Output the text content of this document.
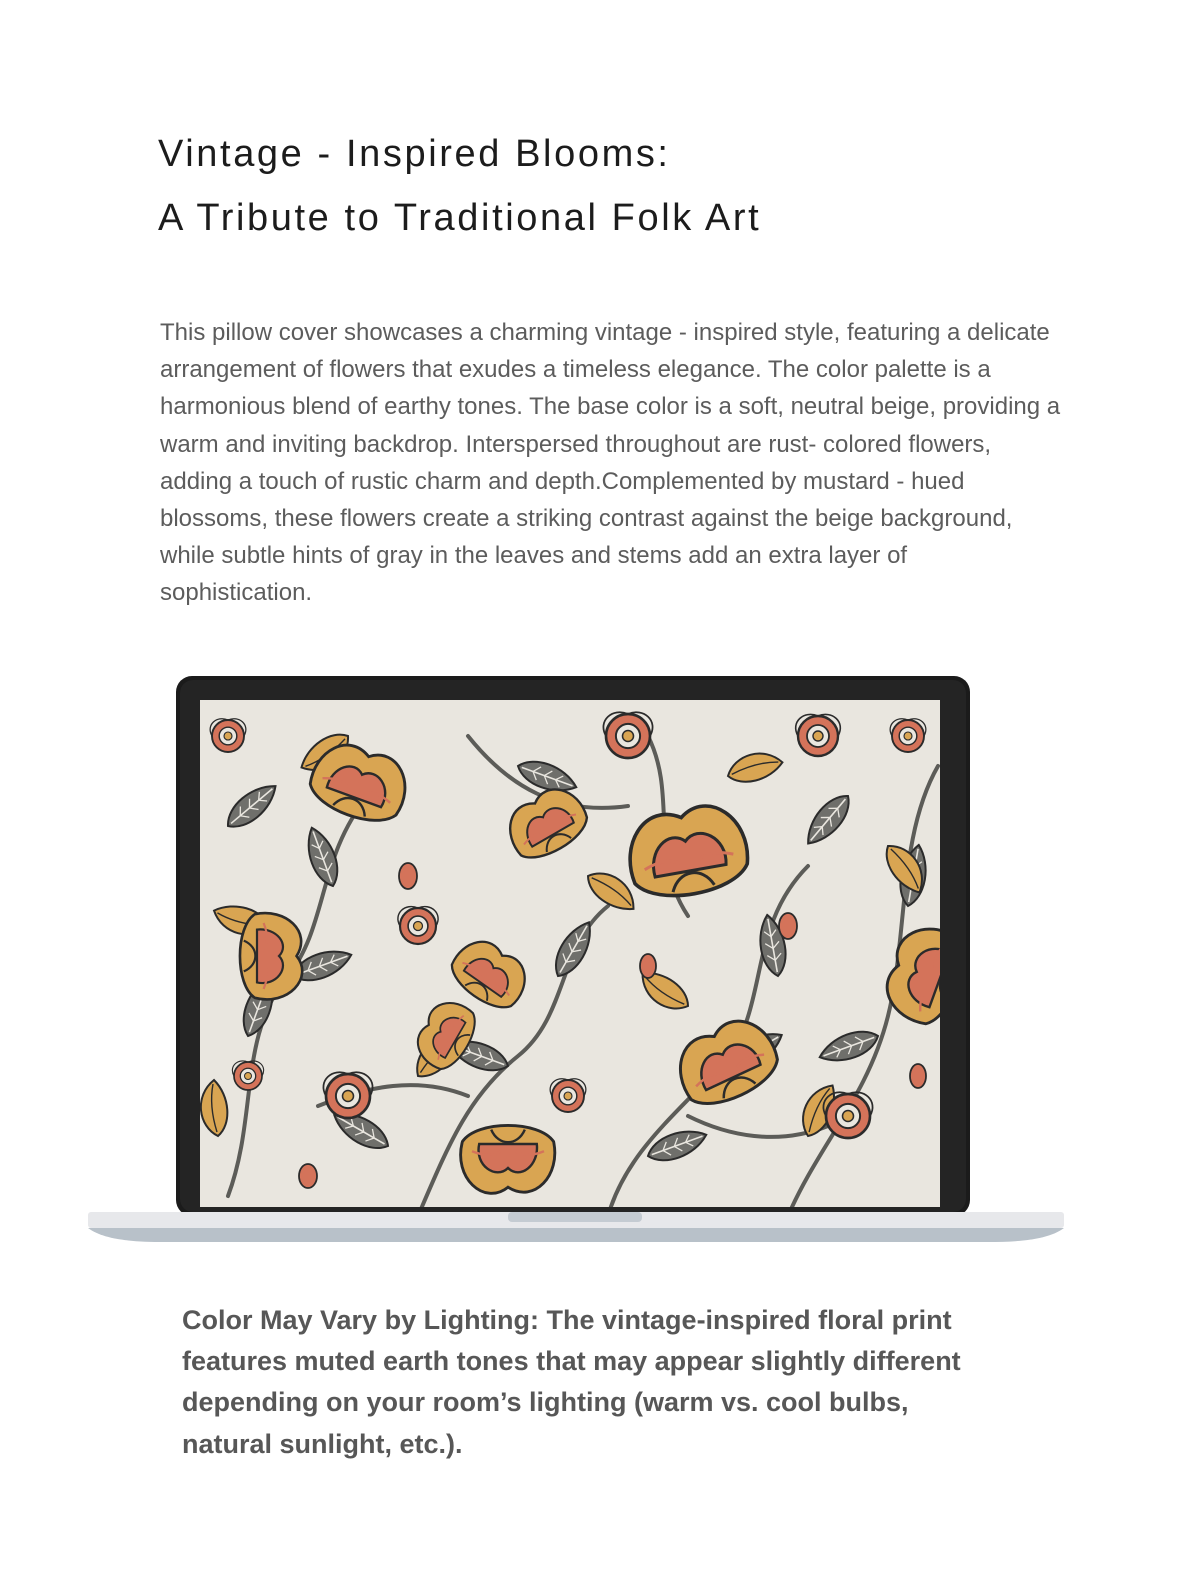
Vintage - Inspired Blooms:
A Tribute to Traditional Folk Art

This pillow cover showcases a charming vintage - inspired style, featuring a delicate arrangement of flowers that exudes a timeless elegance. The color palette is a harmonious blend of earthy tones. The base color is a soft, neutral beige, providing a warm and inviting backdrop. Interspersed throughout are rust- colored flowers, adding a touch of rustic charm and depth.Complemented by mustard - hued blossoms, these flowers create a striking contrast against the beige background, while subtle hints of gray in the leaves and stems add an extra layer of sophistication.

Color May Vary by Lighting: The vintage-inspired floral print features muted earth tones that may appear slightly different depending on your room’s lighting (warm vs. cool bulbs, natural sunlight, etc.).
